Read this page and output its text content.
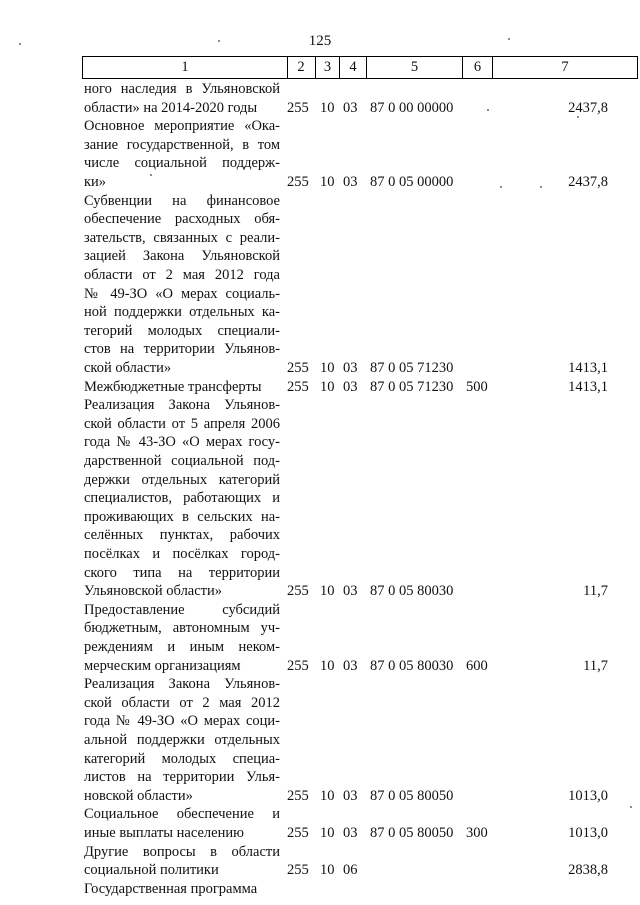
125
1	2	3	4	5	6	7
ного наследия в Ульяновской
области» на 2014-2020 годы	255 10 03 87 0 00 00000	2437,8
Основное мероприятие «Ока-
зание государственной, в том
числе социальной поддерж-
ки»	255 10 03 87 0 05 00000	2437,8
Субвенции на финансовое
обеспечение расходных обя-
зательств, связанных с реали-
зацией Закона Ульяновской
области от 2 мая 2012 года
№ 49-ЗО «О мерах социаль-
ной поддержки отдельных ка-
тегорий молодых специали-
стов на территории Ульянов-
ской области»	255 10 03 87 0 05 71230	1413,1
Межбюджетные трансферты	255 10 03 87 0 05 71230 500	1413,1
Реализация Закона Ульянов-
ской области от 5 апреля 2006
года № 43-ЗО «О мерах госу-
дарственной социальной под-
держки отдельных категорий
специалистов, работающих и
проживающих в сельских на-
селённых пунктах, рабочих
посёлках и посёлках город-
ского типа на территории
Ульяновской области»	255 10 03 87 0 05 80030	11,7
Предоставление субсидий
бюджетным, автономным уч-
реждениям и иным неком-
мерческим организациям	255 10 03 87 0 05 80030 600	11,7
Реализация Закона Ульянов-
ской области от 2 мая 2012
года № 49-ЗО «О мерах соци-
альной поддержки отдельных
категорий молодых специа-
листов на территории Улья-
новской области»	255 10 03 87 0 05 80050	1013,0
Социальное обеспечение и
иные выплаты населению	255 10 03 87 0 05 80050 300	1013,0
Другие вопросы в области
социальной политики	255 10 06	2838,8
Государственная программа
